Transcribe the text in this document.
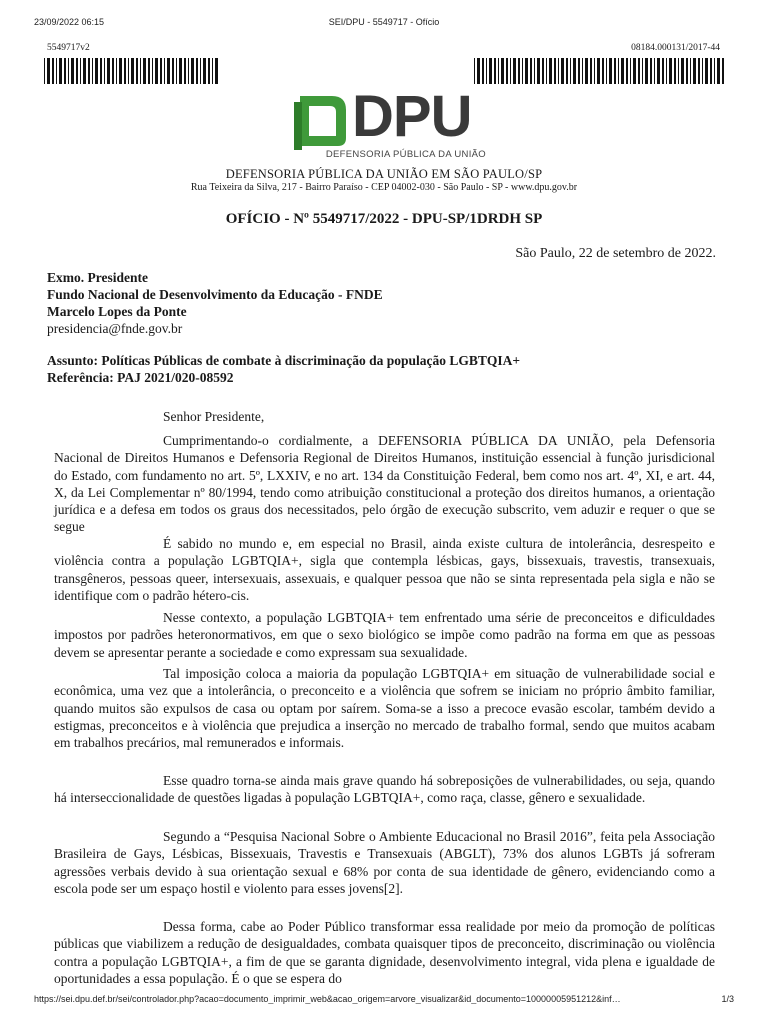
23/09/2022 06:15	SEI/DPU - 5549717 - Ofício
5549717v2	08184.000131/2017-44
DPU
DEFENSORIA PÚBLICA DA UNIÃO
DEFENSORIA PÚBLICA DA UNIÃO EM SÃO PAULO/SP
Rua Teixeira da Silva, 217 - Bairro Paraíso - CEP 04002-030 - São Paulo - SP - www.dpu.gov.br
OFÍCIO - Nº 5549717/2022 - DPU-SP/1DRDH SP
São Paulo, 22 de setembro de 2022.
Exmo. Presidente
Fundo Nacional de Desenvolvimento da Educação - FNDE
Marcelo Lopes da Ponte
presidencia@fnde.gov.br
Assunto: Políticas Públicas de combate à discriminação da população LGBTQIA+
Referência: PAJ 2021/020-08592
Senhor Presidente,
Cumprimentando-o cordialmente, a DEFENSORIA PÚBLICA DA UNIÃO, pela Defensoria Nacional de Direitos Humanos e Defensoria Regional de Direitos Humanos, instituição essencial à função jurisdicional do Estado, com fundamento no art. 5º, LXXIV, e no art. 134 da Constituição Federal, bem como nos art. 4º, XI, e art. 44, X, da Lei Complementar nº 80/1994, tendo como atribuição constitucional a proteção dos direitos humanos, a orientação jurídica e a defesa em todos os graus dos necessitados, pelo órgão de execução subscrito, vem aduzir e requer o que se segue
É sabido no mundo e, em especial no Brasil, ainda existe cultura de intolerância, desrespeito e violência contra a população LGBTQIA+, sigla que contempla lésbicas, gays, bissexuais, travestis, transexuais, transgêneros, pessoas queer, intersexuais, assexuais, e qualquer pessoa que não se sinta representada pela sigla e não se identifique com o padrão hétero-cis.
Nesse contexto, a população LGBTQIA+ tem enfrentado uma série de preconceitos e dificuldades impostos por padrões heteronormativos, em que o sexo biológico se impõe como padrão na forma em que as pessoas devem se apresentar perante a sociedade e como expressam sua sexualidade.
Tal imposição coloca a maioria da população LGBTQIA+ em situação de vulnerabilidade social e econômica, uma vez que a intolerância, o preconceito e a violência que sofrem se iniciam no próprio âmbito familiar, quando muitos são expulsos de casa ou optam por saírem. Soma-se a isso a precoce evasão escolar, também devido a estigmas, preconceitos e à violência que prejudica a inserção no mercado de trabalho formal, sendo que muitos acabam em trabalhos precários, mal remunerados e informais.
Esse quadro torna-se ainda mais grave quando há sobreposições de vulnerabilidades, ou seja, quando há interseccionalidade de questões ligadas à população LGBTQIA+, como raça, classe, gênero e sexualidade.
Segundo a “Pesquisa Nacional Sobre o Ambiente Educacional no Brasil 2016”, feita pela Associação Brasileira de Gays, Lésbicas, Bissexuais, Travestis e Transexuais (ABGLT), 73% dos alunos LGBTs já sofreram agressões verbais devido à sua orientação sexual e 68% por conta de sua identidade de gênero, evidenciando como a escola pode ser um espaço hostil e violento para esses jovens[2].
Dessa forma, cabe ao Poder Público transformar essa realidade por meio da promoção de políticas públicas que viabilizem a redução de desigualdades, combata quaisquer tipos de preconceito, discriminação ou violência contra a população LGBTQIA+, a fim de que se garanta dignidade, desenvolvimento integral, vida plena e igualdade de oportunidades a essa população. É o que se espera do
https://sei.dpu.def.br/sei/controlador.php?acao=documento_imprimir_web&acao_origem=arvore_visualizar&id_documento=10000005951212&inf…	1/3
